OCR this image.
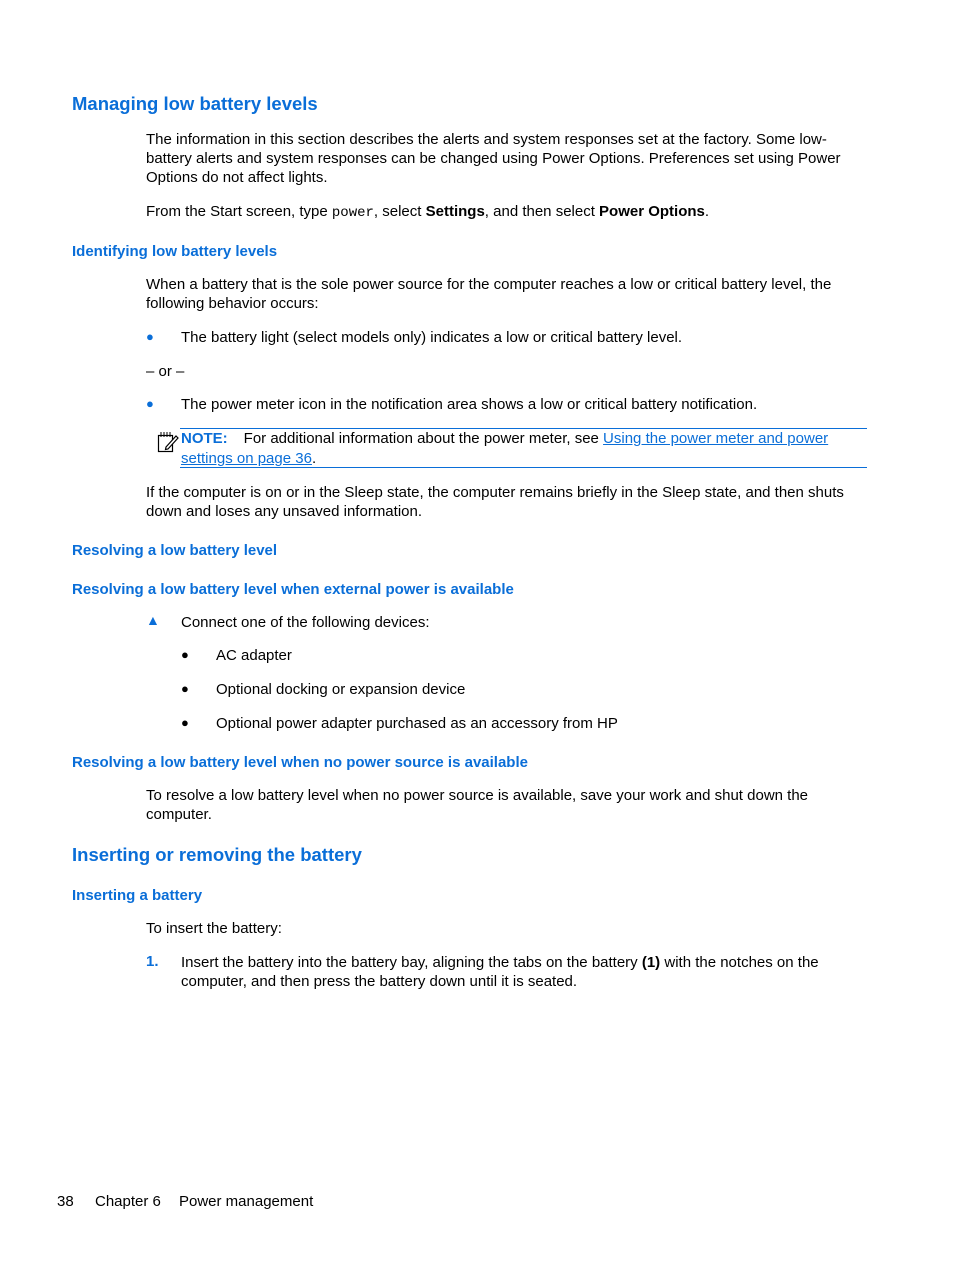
Managing low battery levels
The information in this section describes the alerts and system responses set at the factory. Some low-battery alerts and system responses can be changed using Power Options. Preferences set using Power Options do not affect lights.
From the Start screen, type power, select Settings, and then select Power Options.
Identifying low battery levels
When a battery that is the sole power source for the computer reaches a low or critical battery level, the following behavior occurs:
● The battery light (select models only) indicates a low or critical battery level.
– or –
● The power meter icon in the notification area shows a low or critical battery notification.
NOTE: For additional information about the power meter, see Using the power meter and power settings on page 36.
If the computer is on or in the Sleep state, the computer remains briefly in the Sleep state, and then shuts down and loses any unsaved information.
Resolving a low battery level
Resolving a low battery level when external power is available
▲ Connect one of the following devices:
● AC adapter
● Optional docking or expansion device
● Optional power adapter purchased as an accessory from HP
Resolving a low battery level when no power source is available
To resolve a low battery level when no power source is available, save your work and shut down the computer.
Inserting or removing the battery
Inserting a battery
To insert the battery:
1. Insert the battery into the battery bay, aligning the tabs on the battery (1) with the notches on the computer, and then press the battery down until it is seated.
38 Chapter 6 Power management
